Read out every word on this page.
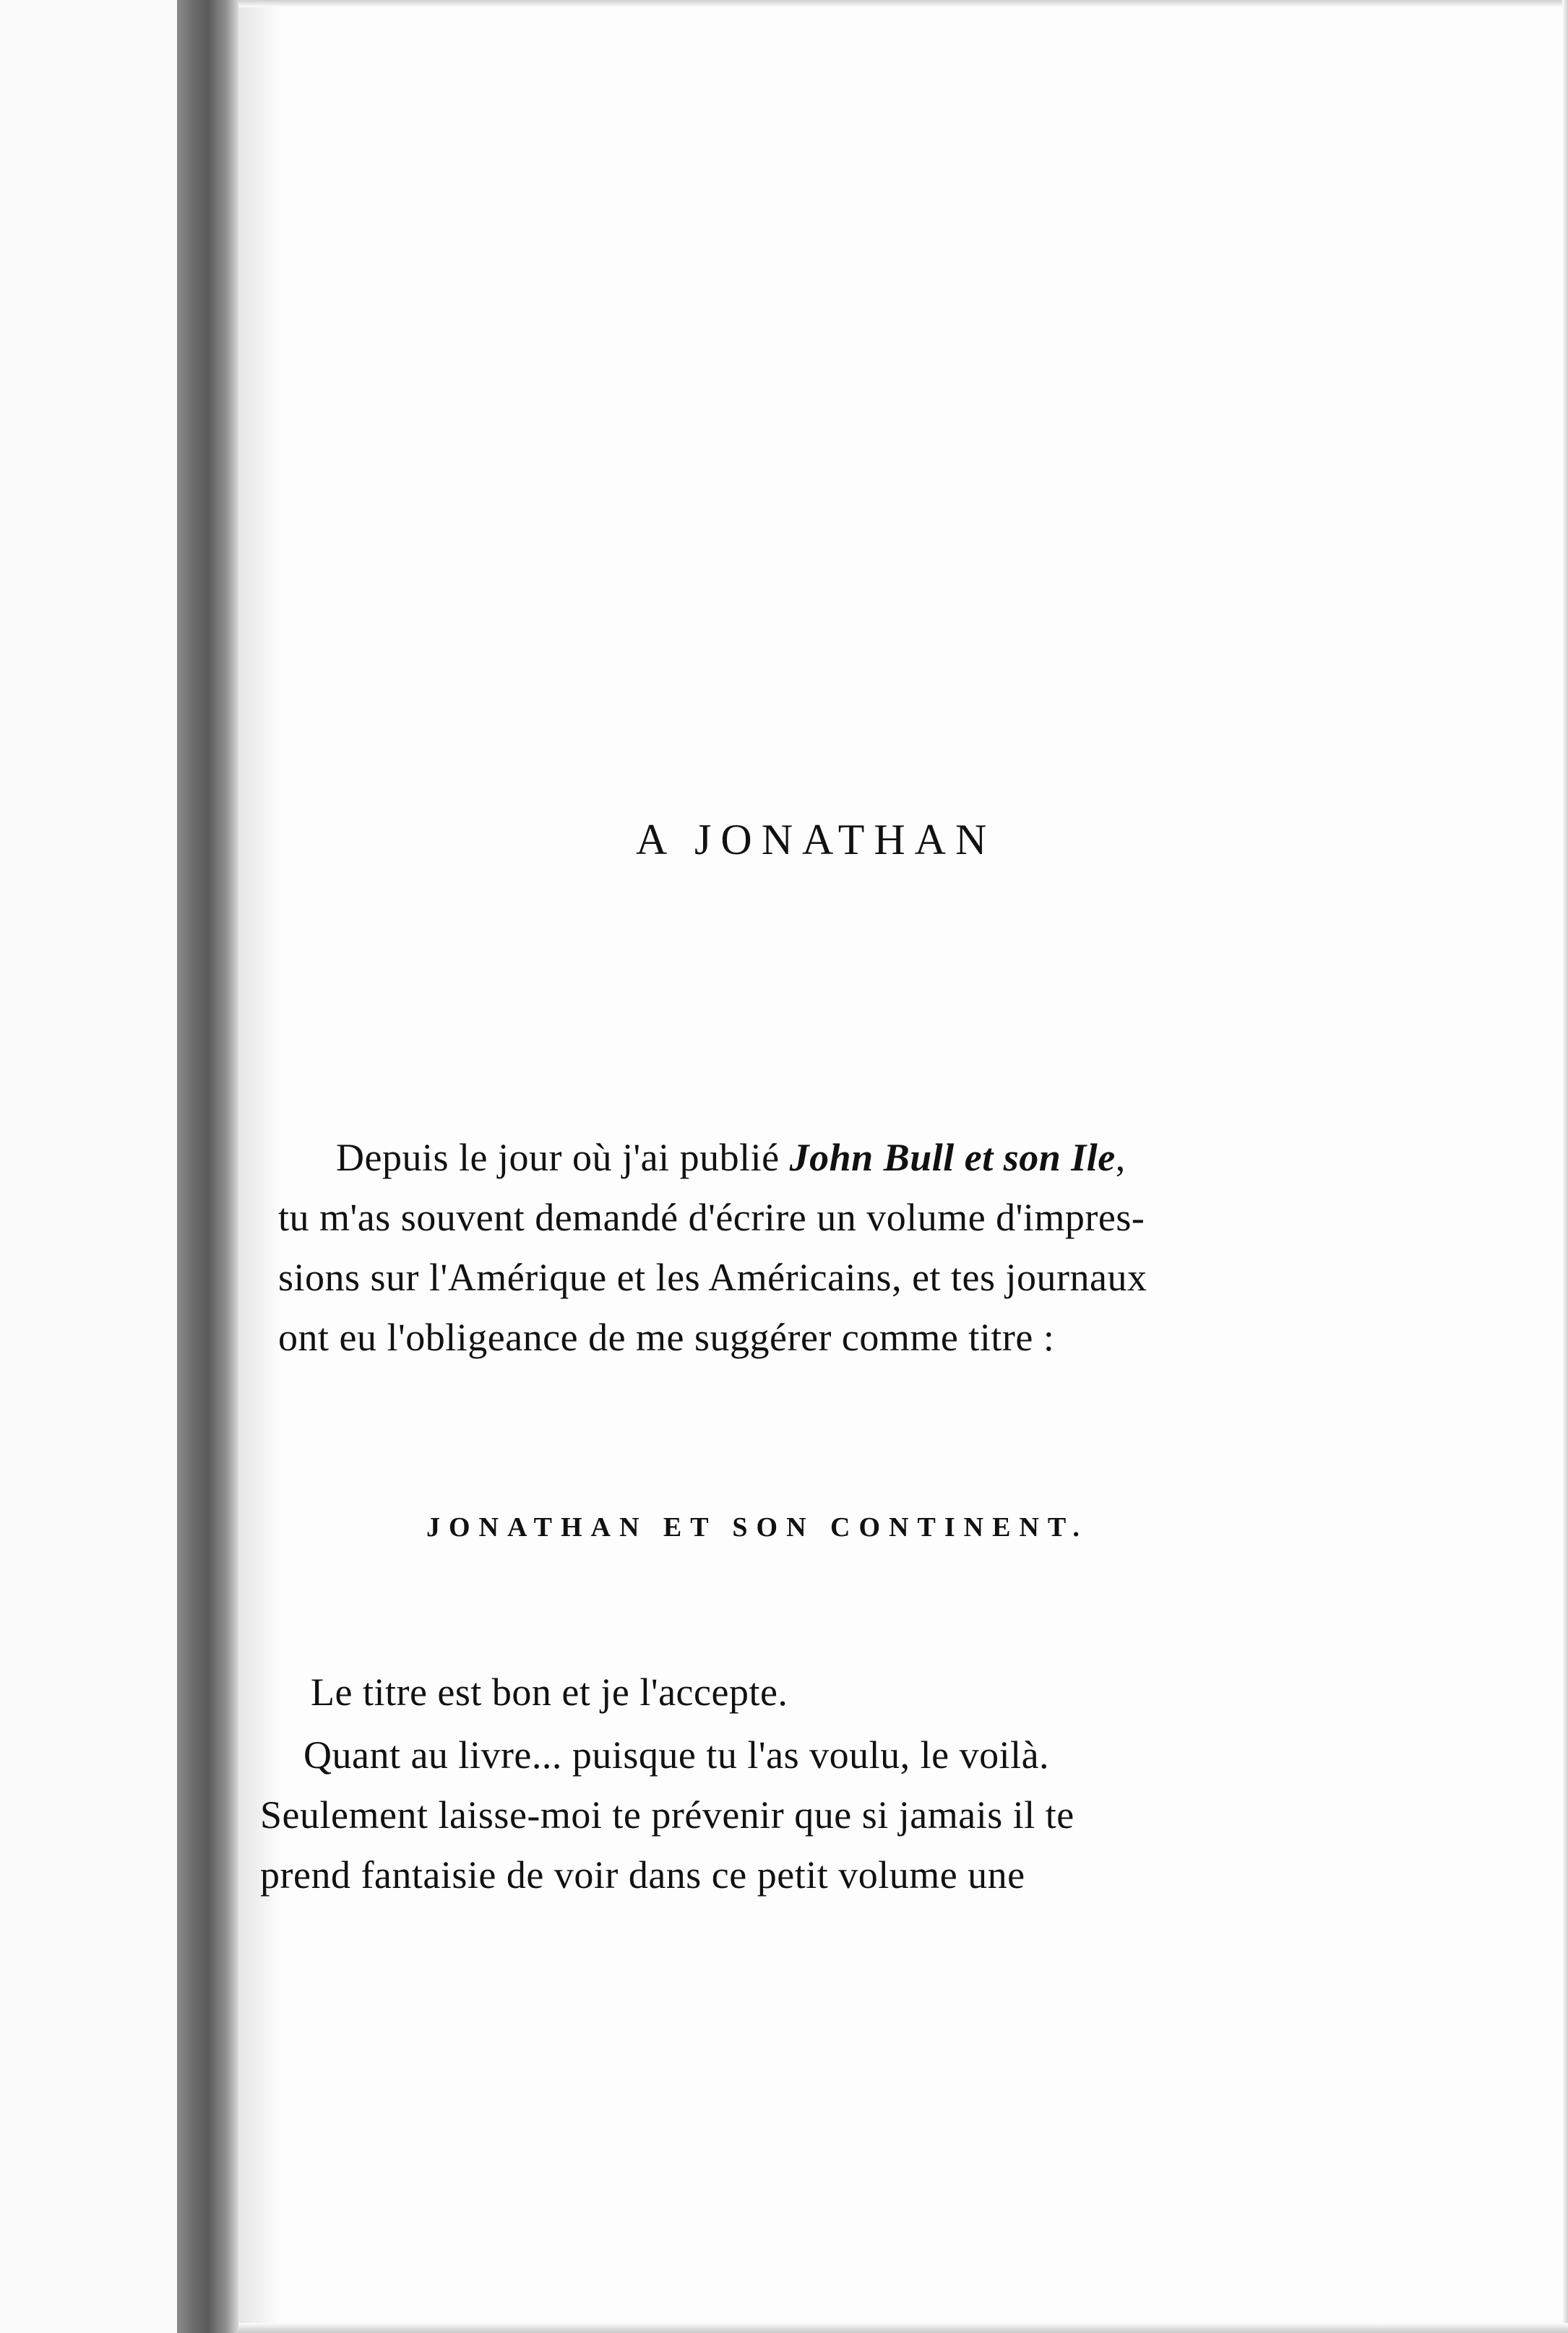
A JONATHAN
Depuis le jour où j'ai publié John Bull et son Ile,
tu m'as souvent demandé d'écrire un volume d'impres-
sions sur l'Amérique et les Américains, et tes journaux
ont eu l'obligeance de me suggérer comme titre :
JONATHAN ET SON CONTINENT.
Le titre est bon et je l'accepte.
Quant au livre... puisque tu l'as voulu, le voilà.
Seulement laisse-moi te prévenir que si jamais il te
prend fantaisie de voir dans ce petit volume une
